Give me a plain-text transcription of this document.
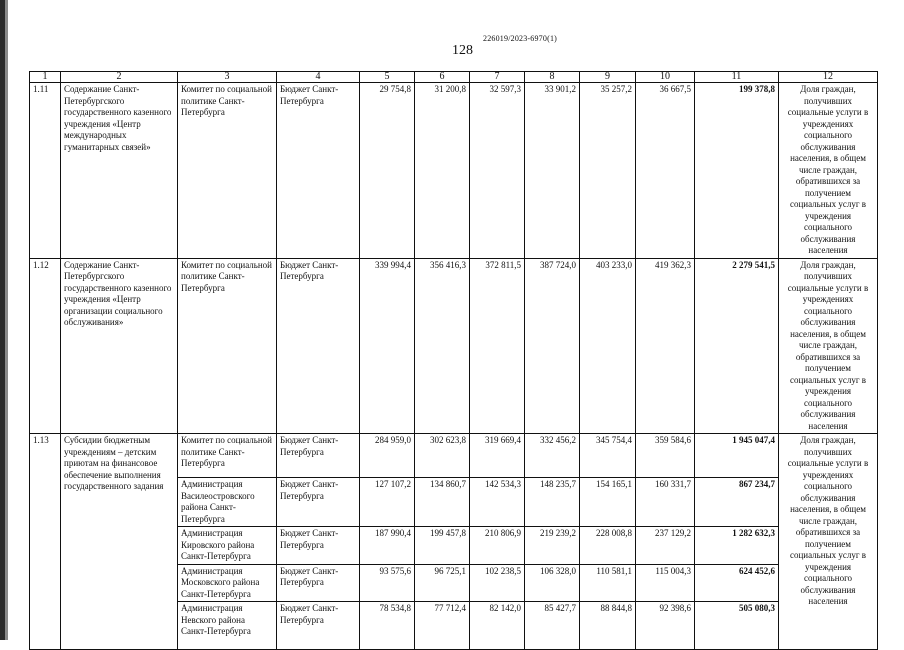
226019/2023-6970(1)
128
1	2	3	4	5	6	7	8	9	10	11	12
1.11	Содержание Санкт-Петербургского государственного казенного учреждения «Центр международных гуманитарных связей»	Комитет по социальной политике Санкт-Петербурга	Бюджет Санкт-Петербурга	29 754,8	31 200,8	32 597,3	33 901,2	35 257,2	36 667,5	199 378,8	Доля граждан, получивших социальные услуги в учреждениях социального обслуживания населения, в общем числе граждан, обратившихся за получением социальных услуг в учреждения социального обслуживания населения
1.12	Содержание Санкт-Петербургского государственного казенного учреждения «Центр организации социального обслуживания»	Комитет по социальной политике Санкт-Петербурга	Бюджет Санкт-Петербурга	339 994,4	356 416,3	372 811,5	387 724,0	403 233,0	419 362,3	2 279 541,5	Доля граждан, получивших социальные услуги в учреждениях социального обслуживания населения, в общем числе граждан, обратившихся за получением социальных услуг в учреждения социального обслуживания населения
1.13	Субсидии бюджетным учреждениям – детским приютам на финансовое обеспечение выполнения государственного задания	Комитет по социальной политике Санкт-Петербурга	Бюджет Санкт-Петербурга	284 959,0	302 623,8	319 669,4	332 456,2	345 754,4	359 584,6	1 945 047,4	Доля граждан, получивших социальные услуги в учреждениях социального обслуживания населения, в общем числе граждан, обратившихся за получением социальных услуг в учреждения социального обслуживания населения
		Администрация Василеостровского района Санкт-Петербурга	Бюджет Санкт-Петербурга	127 107,2	134 860,7	142 534,3	148 235,7	154 165,1	160 331,7	867 234,7	
		Администрация Кировского района Санкт-Петербурга	Бюджет Санкт-Петербурга	187 990,4	199 457,8	210 806,9	219 239,2	228 008,8	237 129,2	1 282 632,3	
		Администрация Московского района Санкт-Петербурга	Бюджет Санкт-Петербурга	93 575,6	96 725,1	102 238,5	106 328,0	110 581,1	115 004,3	624 452,6	
		Администрация Невского района Санкт-Петербурга	Бюджет Санкт-Петербурга	78 534,8	77 712,4	82 142,0	85 427,7	88 844,8	92 398,6	505 080,3	
